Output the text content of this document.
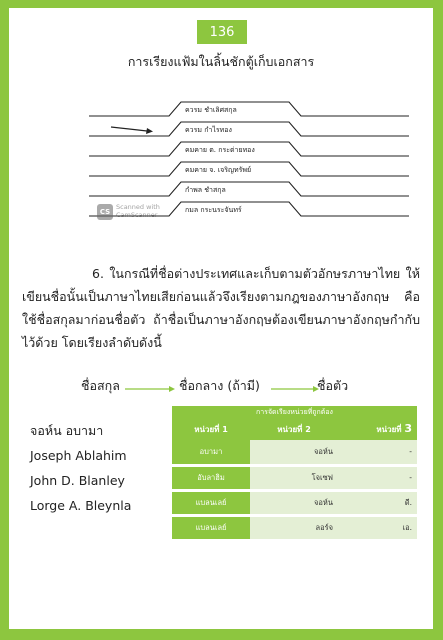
136
การเรียงแฟ้มในลิ้นชักตู้เก็บเอกสาร
ควรม ชำเลิศสกุล
ควรม กำไรทอง
คมคาย ต. กระต่ายทอง
คมคาย จ. เจริญทรัพย์
กำพล ชำสกุล
กมล กระนระจันทร์
CS
Scanned with
CamScanner

6. ในกรณีที่ชื่อต่างประเทศและเก็บตามตัวอักษรภาษาไทย ให้เขียนชื่อนั้นเป็นภาษาไทยเสียก่อนแล้วจึงเรียงตามกฎของภาษาอังกฤษ คือใช้ชื่อสกุลมาก่อนชื่อตัว ถ้าชื่อเป็นภาษาอังกฤษต้องเขียนภาษาอังกฤษกำกับไว้ด้วย โดยเรียงลำดับดังนี้

ชื่อสกุล	ชื่อกลาง (ถ้ามี)	ชื่อตัว
จอห์น อบามา
Joseph Ablahim
John D. Blanley
Lorge A. Bleynla
การจัดเรียงหน่วยที่ถูกต้อง		
หน่วยที่ 1	หน่วยที่ 2	หน่วยที่ 3
อบามา	จอห์น	-
อับลาฮิม	โจเซฟ	-
แบลนเลย์	จอห์น	ดี.
แบลนเลย์	ลอร์จ	เอ.
